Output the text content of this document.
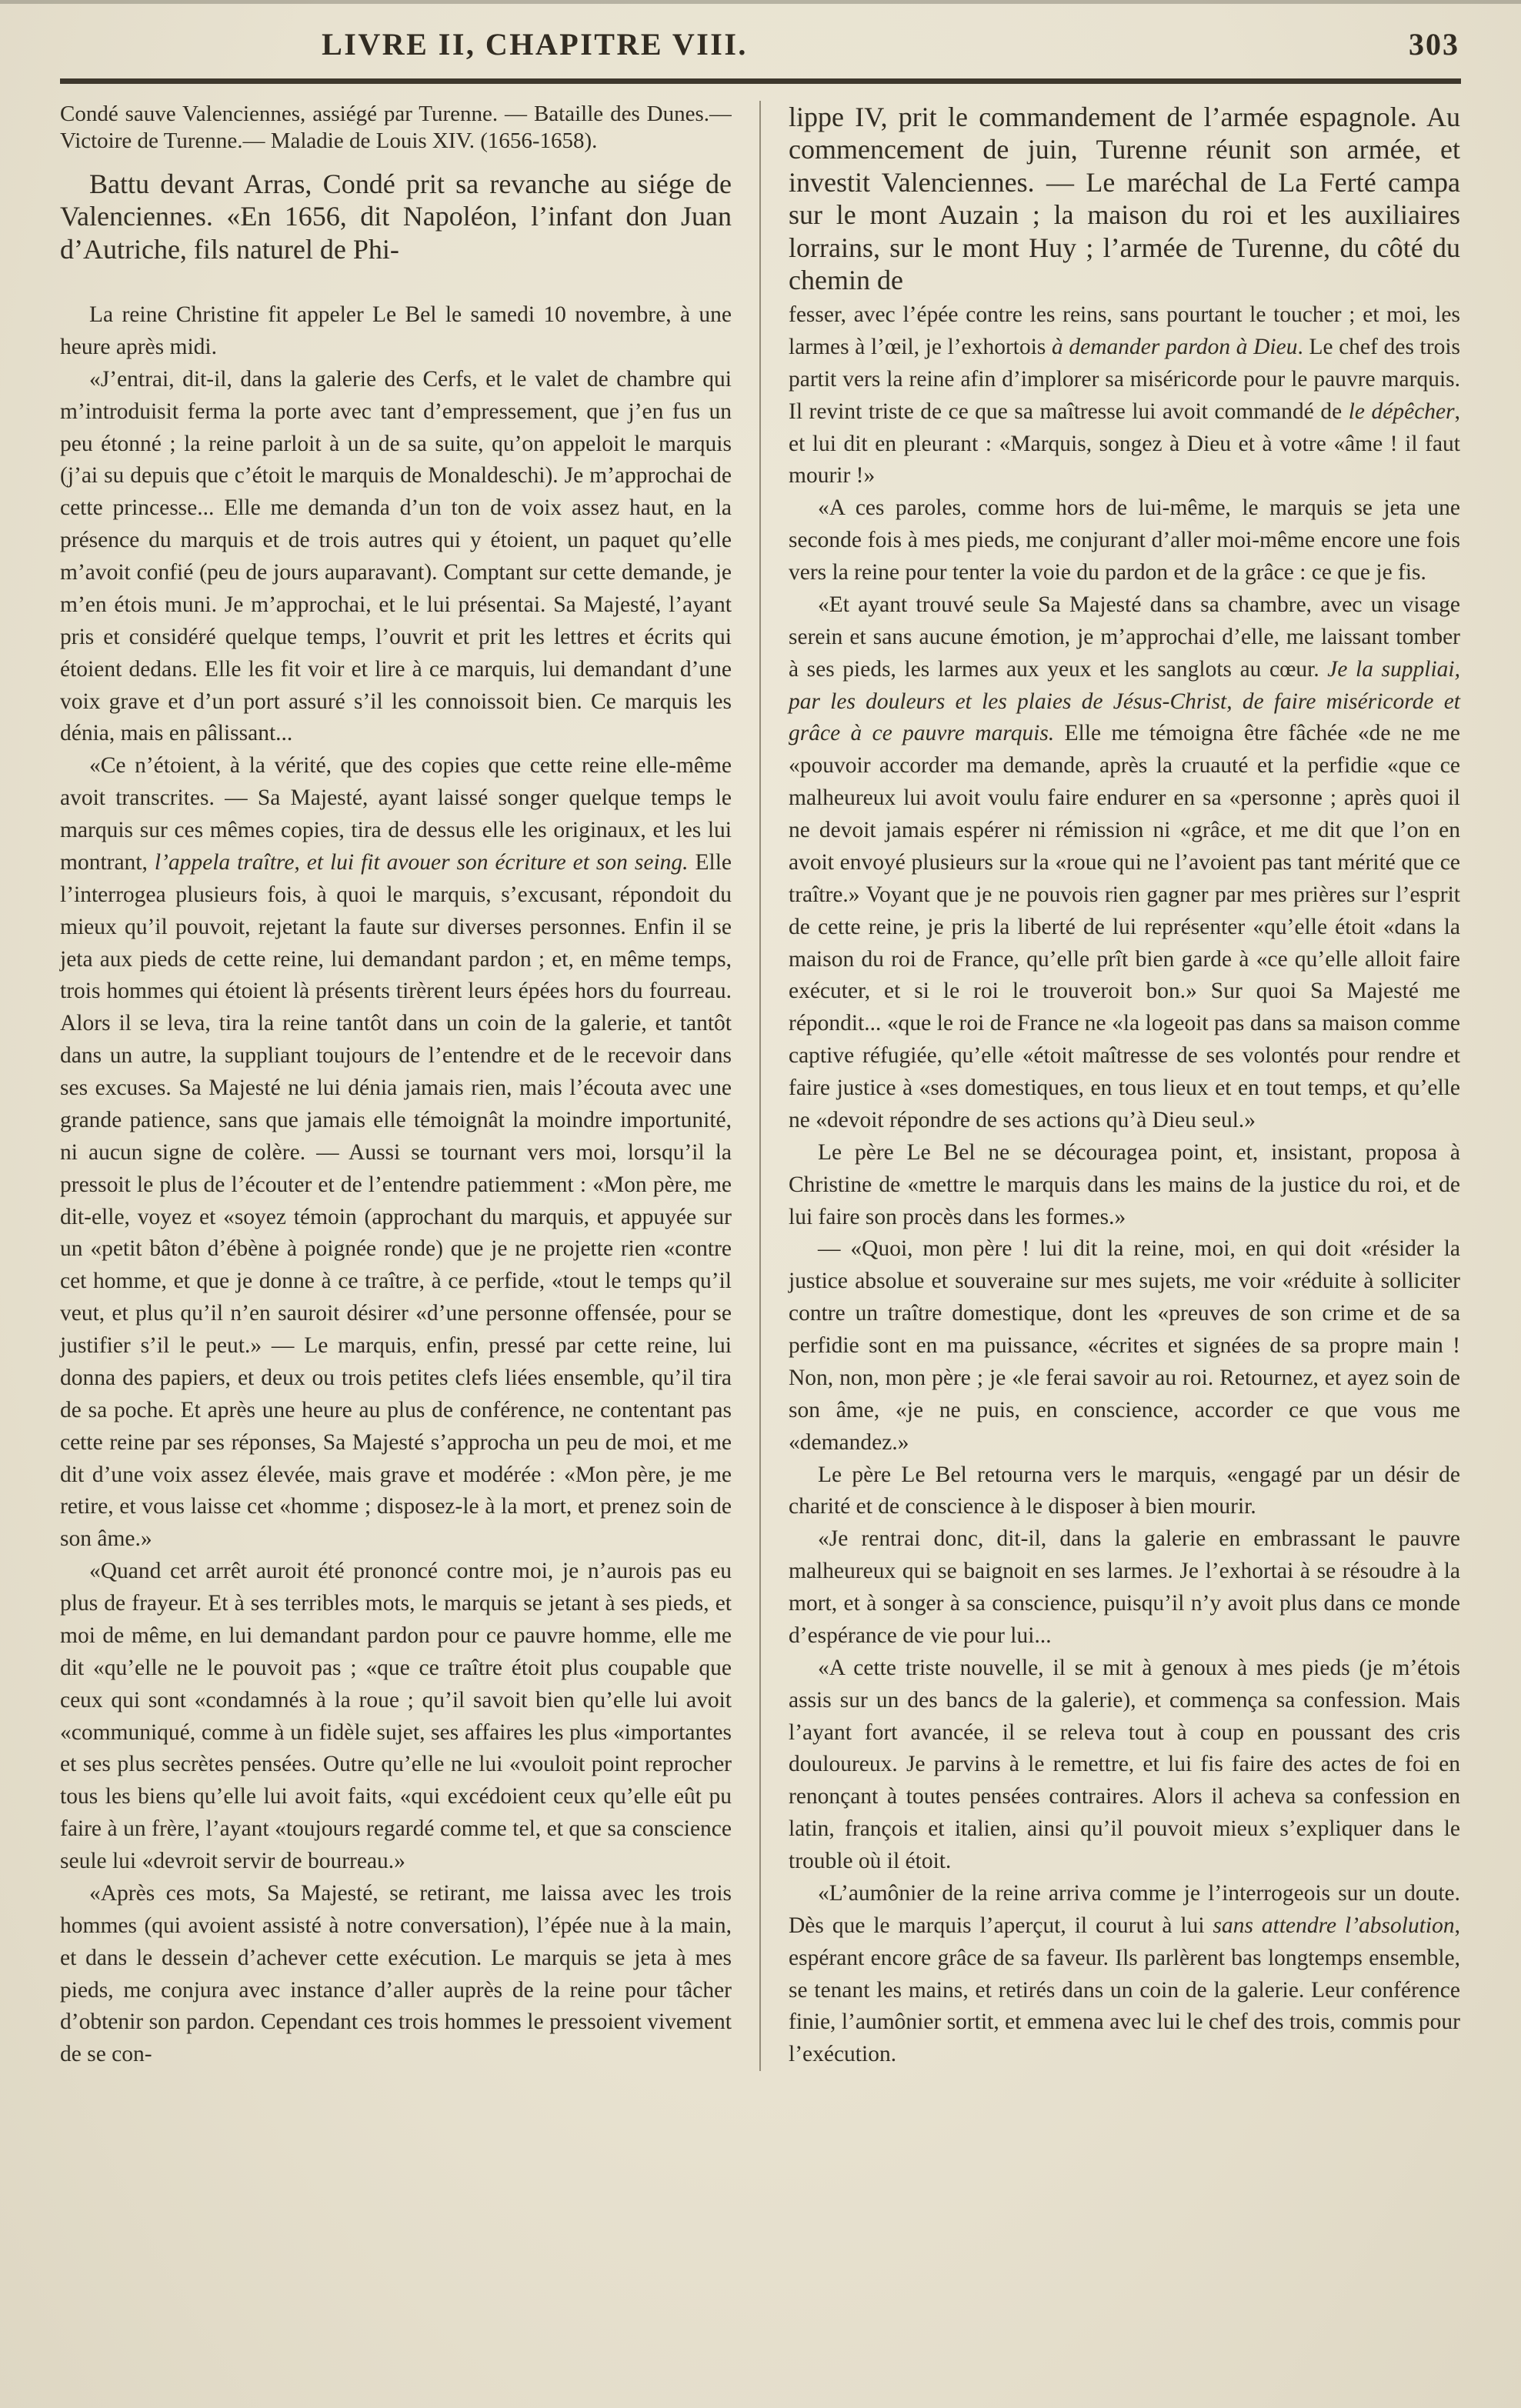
LIVRE II, CHAPITRE VIII.	303

Condé sauve Valenciennes, assiégé par Turenne. — Bataille des Dunes.—Victoire de Turenne.— Maladie de Louis XIV. (1656-1658).

Battu devant Arras, Condé prit sa revanche au siége de Valenciennes. «En 1656, dit Napoléon, l’infant don Juan d’Autriche, fils naturel de Phi-

La reine Christine fit appeler Le Bel le samedi 10 novembre, à une heure après midi.

«J’entrai, dit-il, dans la galerie des Cerfs, et le valet de chambre qui m’introduisit ferma la porte avec tant d’empressement, que j’en fus un peu étonné ; la reine parloit à un de sa suite, qu’on appeloit le marquis (j’ai su depuis que c’étoit le marquis de Monaldeschi). Je m’approchai de cette princesse... Elle me demanda d’un ton de voix assez haut, en la présence du marquis et de trois autres qui y étoient, un paquet qu’elle m’avoit confié (peu de jours auparavant). Comptant sur cette demande, je m’en étois muni. Je m’approchai, et le lui présentai. Sa Majesté, l’ayant pris et considéré quelque temps, l’ouvrit et prit les lettres et écrits qui étoient dedans. Elle les fit voir et lire à ce marquis, lui demandant d’une voix grave et d’un port assuré s’il les connoissoit bien. Ce marquis les dénia, mais en pâlissant...

«Ce n’étoient, à la vérité, que des copies que cette reine elle-même avoit transcrites. — Sa Majesté, ayant laissé songer quelque temps le marquis sur ces mêmes copies, tira de dessus elle les originaux, et les lui montrant, l’appela traître, et lui fit avouer son écriture et son seing. Elle l’interrogea plusieurs fois, à quoi le marquis, s’excusant, répondoit du mieux qu’il pouvoit, rejetant la faute sur diverses personnes. Enfin il se jeta aux pieds de cette reine, lui demandant pardon ; et, en même temps, trois hommes qui étoient là présents tirèrent leurs épées hors du fourreau. Alors il se leva, tira la reine tantôt dans un coin de la galerie, et tantôt dans un autre, la suppliant toujours de l’entendre et de le recevoir dans ses excuses. Sa Majesté ne lui dénia jamais rien, mais l’écouta avec une grande patience, sans que jamais elle témoignât la moindre importunité, ni aucun signe de colère. — Aussi se tournant vers moi, lorsqu’il la pressoit le plus de l’écouter et de l’entendre patiemment : «Mon père, me dit-elle, voyez et «soyez témoin (approchant du marquis, et appuyée sur un «petit bâton d’ébène à poignée ronde) que je ne projette rien «contre cet homme, et que je donne à ce traître, à ce perfide, «tout le temps qu’il veut, et plus qu’il n’en sauroit désirer «d’une personne offensée, pour se justifier s’il le peut.» — Le marquis, enfin, pressé par cette reine, lui donna des papiers, et deux ou trois petites clefs liées ensemble, qu’il tira de sa poche. Et après une heure au plus de conférence, ne contentant pas cette reine par ses réponses, Sa Majesté s’approcha un peu de moi, et me dit d’une voix assez élevée, mais grave et modérée : «Mon père, je me retire, et vous laisse cet «homme ; disposez-le à la mort, et prenez soin de son âme.»

«Quand cet arrêt auroit été prononcé contre moi, je n’aurois pas eu plus de frayeur. Et à ses terribles mots, le marquis se jetant à ses pieds, et moi de même, en lui demandant pardon pour ce pauvre homme, elle me dit «qu’elle ne le pouvoit pas ; «que ce traître étoit plus coupable que ceux qui sont «condamnés à la roue ; qu’il savoit bien qu’elle lui avoit «communiqué, comme à un fidèle sujet, ses affaires les plus «importantes et ses plus secrètes pensées. Outre qu’elle ne lui «vouloit point reprocher tous les biens qu’elle lui avoit faits, «qui excédoient ceux qu’elle eût pu faire à un frère, l’ayant «toujours regardé comme tel, et que sa conscience seule lui «devroit servir de bourreau.»

«Après ces mots, Sa Majesté, se retirant, me laissa avec les trois hommes (qui avoient assisté à notre conversation), l’épée nue à la main, et dans le dessein d’achever cette exécution. Le marquis se jeta à mes pieds, me conjura avec instance d’aller auprès de la reine pour tâcher d’obtenir son pardon. Cependant ces trois hommes le pressoient vivement de se con-

lippe IV, prit le commandement de l’armée espagnole. Au commencement de juin, Turenne réunit son armée, et investit Valenciennes. — Le maréchal de La Ferté campa sur le mont Auzain ; la maison du roi et les auxiliaires lorrains, sur le mont Huy ; l’armée de Turenne, du côté du chemin de

fesser, avec l’épée contre les reins, sans pourtant le toucher ; et moi, les larmes à l’œil, je l’exhortois à demander pardon à Dieu. Le chef des trois partit vers la reine afin d’implorer sa miséricorde pour le pauvre marquis. Il revint triste de ce que sa maîtresse lui avoit commandé de le dépêcher, et lui dit en pleurant : «Marquis, songez à Dieu et à votre «âme ! il faut mourir !»

«A ces paroles, comme hors de lui-même, le marquis se jeta une seconde fois à mes pieds, me conjurant d’aller moi-même encore une fois vers la reine pour tenter la voie du pardon et de la grâce : ce que je fis.

«Et ayant trouvé seule Sa Majesté dans sa chambre, avec un visage serein et sans aucune émotion, je m’approchai d’elle, me laissant tomber à ses pieds, les larmes aux yeux et les sanglots au cœur. Je la suppliai, par les douleurs et les plaies de Jésus-Christ, de faire miséricorde et grâce à ce pauvre marquis. Elle me témoigna être fâchée «de ne me «pouvoir accorder ma demande, après la cruauté et la perfidie «que ce malheureux lui avoit voulu faire endurer en sa «personne ; après quoi il ne devoit jamais espérer ni rémission ni «grâce, et me dit que l’on en avoit envoyé plusieurs sur la «roue qui ne l’avoient pas tant mérité que ce traître.» Voyant que je ne pouvois rien gagner par mes prières sur l’esprit de cette reine, je pris la liberté de lui représenter «qu’elle étoit «dans la maison du roi de France, qu’elle prît bien garde à «ce qu’elle alloit faire exécuter, et si le roi le trouveroit bon.» Sur quoi Sa Majesté me répondit... «que le roi de France ne «la logeoit pas dans sa maison comme captive réfugiée, qu’elle «étoit maîtresse de ses volontés pour rendre et faire justice à «ses domestiques, en tous lieux et en tout temps, et qu’elle ne «devoit répondre de ses actions qu’à Dieu seul.»

Le père Le Bel ne se découragea point, et, insistant, proposa à Christine de «mettre le marquis dans les mains de la justice du roi, et de lui faire son procès dans les formes.»

— «Quoi, mon père ! lui dit la reine, moi, en qui doit «résider la justice absolue et souveraine sur mes sujets, me voir «réduite à solliciter contre un traître domestique, dont les «preuves de son crime et de sa perfidie sont en ma puissance, «écrites et signées de sa propre main ! Non, non, mon père ; je «le ferai savoir au roi. Retournez, et ayez soin de son âme, «je ne puis, en conscience, accorder ce que vous me «demandez.»

Le père Le Bel retourna vers le marquis, «engagé par un désir de charité et de conscience à le disposer à bien mourir.

«Je rentrai donc, dit-il, dans la galerie en embrassant le pauvre malheureux qui se baignoit en ses larmes. Je l’exhortai à se résoudre à la mort, et à songer à sa conscience, puisqu’il n’y avoit plus dans ce monde d’espérance de vie pour lui...

«A cette triste nouvelle, il se mit à genoux à mes pieds (je m’étois assis sur un des bancs de la galerie), et commença sa confession. Mais l’ayant fort avancée, il se releva tout à coup en poussant des cris douloureux. Je parvins à le remettre, et lui fis faire des actes de foi en renonçant à toutes pensées contraires. Alors il acheva sa confession en latin, françois et italien, ainsi qu’il pouvoit mieux s’expliquer dans le trouble où il étoit.

«L’aumônier de la reine arriva comme je l’interrogeois sur un doute. Dès que le marquis l’aperçut, il courut à lui sans attendre l’absolution, espérant encore grâce de sa faveur. Ils parlèrent bas longtemps ensemble, se tenant les mains, et retirés dans un coin de la galerie. Leur conférence finie, l’aumônier sortit, et emmena avec lui le chef des trois, commis pour l’exécution.
